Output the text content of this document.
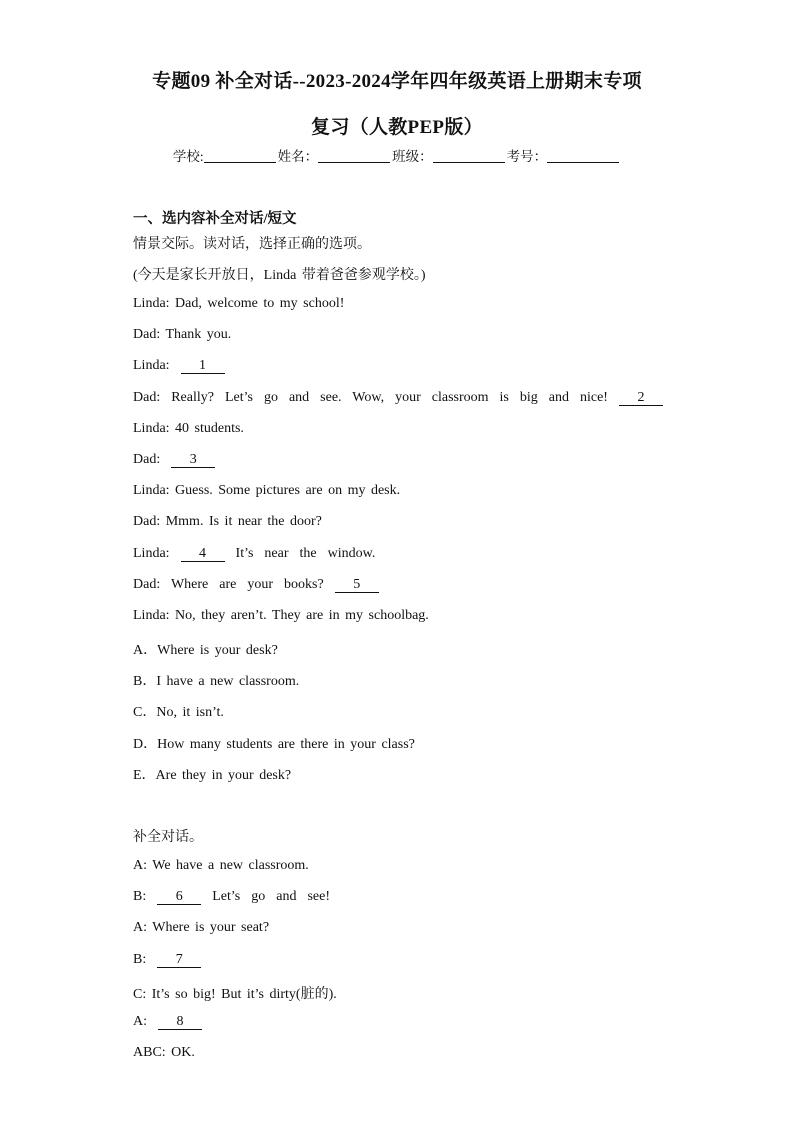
专题09 补全对话--2023-2024学年四年级英语上册期末专项
复习（人教PEP版）
学校:	姓名：	班级：	考号：
一、选内容补全对话/短文
情景交际。读对话，选择正确的选项。
(今天是家长开放日，Linda 带着爸爸参观学校。)
Linda: Dad, welcome to my school!
Dad: Thank you.
Linda:  1
Dad:  Really?  Let’s  go  and  see.  Wow,  your  classroom  is  big  and  nice!  2
Linda: 40 students.
Dad:  3
Linda: Guess. Some pictures are on my desk.
Dad: Mmm. Is it near the door?
Linda:  4  It’s  near  the  window.
Dad:  Where  are  your  books?  5
Linda: No, they aren’t. They are in my schoolbag.
A．Where is your desk?
B．I have a new classroom.
C．No, it isn’t.
D．How many students are there in your class?
E．Are they in your desk?
补全对话。
A: We have a new classroom.
B:  6  Let’s  go  and  see!
A: Where is your seat?
B:  7
C: It’s so big! But it’s dirty(脏的).
A:  8
ABC: OK.
